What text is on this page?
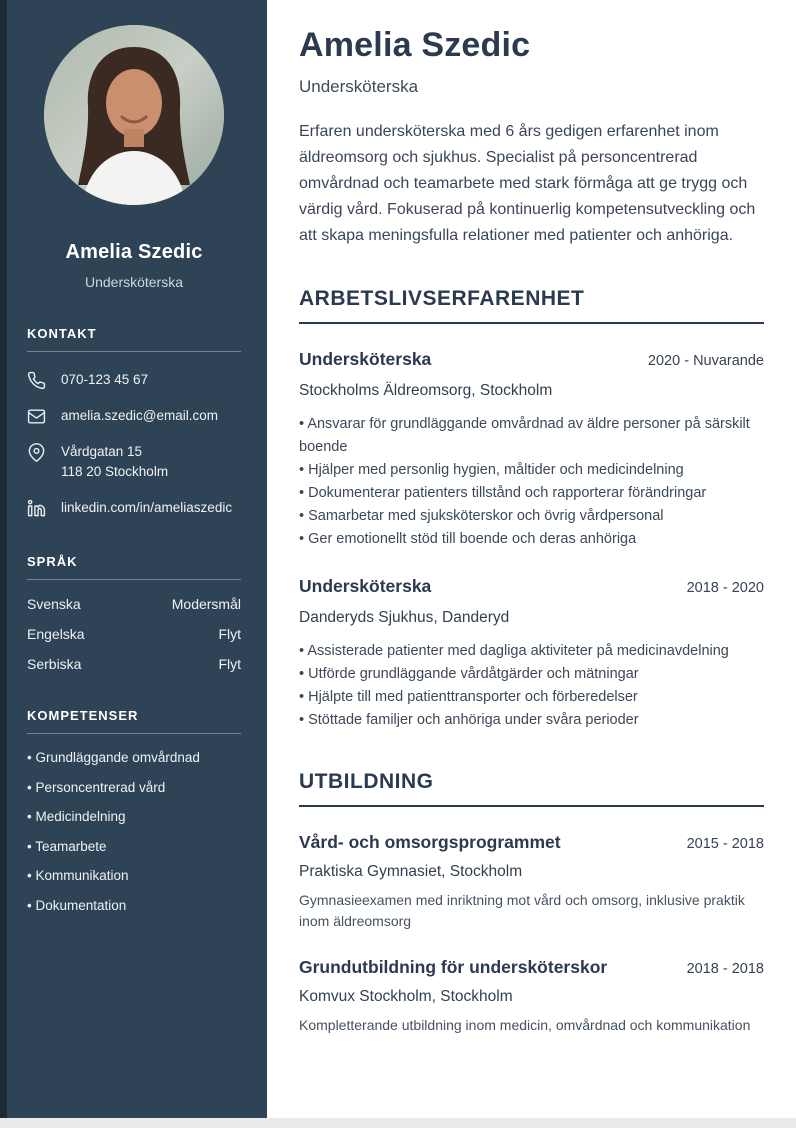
Amelia Szedic
Undersköterska
KONTAKT
070-123 45 67
amelia.szedic@email.com
Vårdgatan 15
118 20 Stockholm
linkedin.com/in/ameliaszedic
SPRÅK
Svenska	Modersmål
Engelska	Flyt
Serbiska	Flyt
KOMPETENSER
• Grundläggande omvårdnad
• Personcentrerad vård
• Medicindelning
• Teamarbete
• Kommunikation
• Dokumentation
Amelia Szedic
Undersköterska

Erfaren undersköterska med 6 års gedigen erfarenhet inom äldreomsorg och sjukhus. Specialist på personcentrerad omvårdnad och teamarbete med stark förmåga att ge trygg och värdig vård. Fokuserad på kontinuerlig kompetensutveckling och att skapa meningsfulla relationer med patienter och anhöriga.

ARBETSLIVSERFARENHET
Undersköterska	2020 - Nuvarande
Stockholms Äldreomsorg, Stockholm
• Ansvarar för grundläggande omvårdnad av äldre personer på särskilt boende
• Hjälper med personlig hygien, måltider och medicindelning
• Dokumenterar patienters tillstånd och rapporterar förändringar
• Samarbetar med sjuksköterskor och övrig vårdpersonal
• Ger emotionellt stöd till boende och deras anhöriga
Undersköterska	2018 - 2020
Danderyds Sjukhus, Danderyd
• Assisterade patienter med dagliga aktiviteter på medicinavdelning
• Utförde grundläggande vårdåtgärder och mätningar
• Hjälpte till med patienttransporter och förberedelser
• Stöttade familjer och anhöriga under svåra perioder
UTBILDNING
Vård- och omsorgsprogrammet	2015 - 2018
Praktiska Gymnasiet, Stockholm
Gymnasieexamen med inriktning mot vård och omsorg, inklusive praktik inom äldreomsorg
Grundutbildning för undersköterskor	2018 - 2018
Komvux Stockholm, Stockholm
Kompletterande utbildning inom medicin, omvårdnad och kommunikation
